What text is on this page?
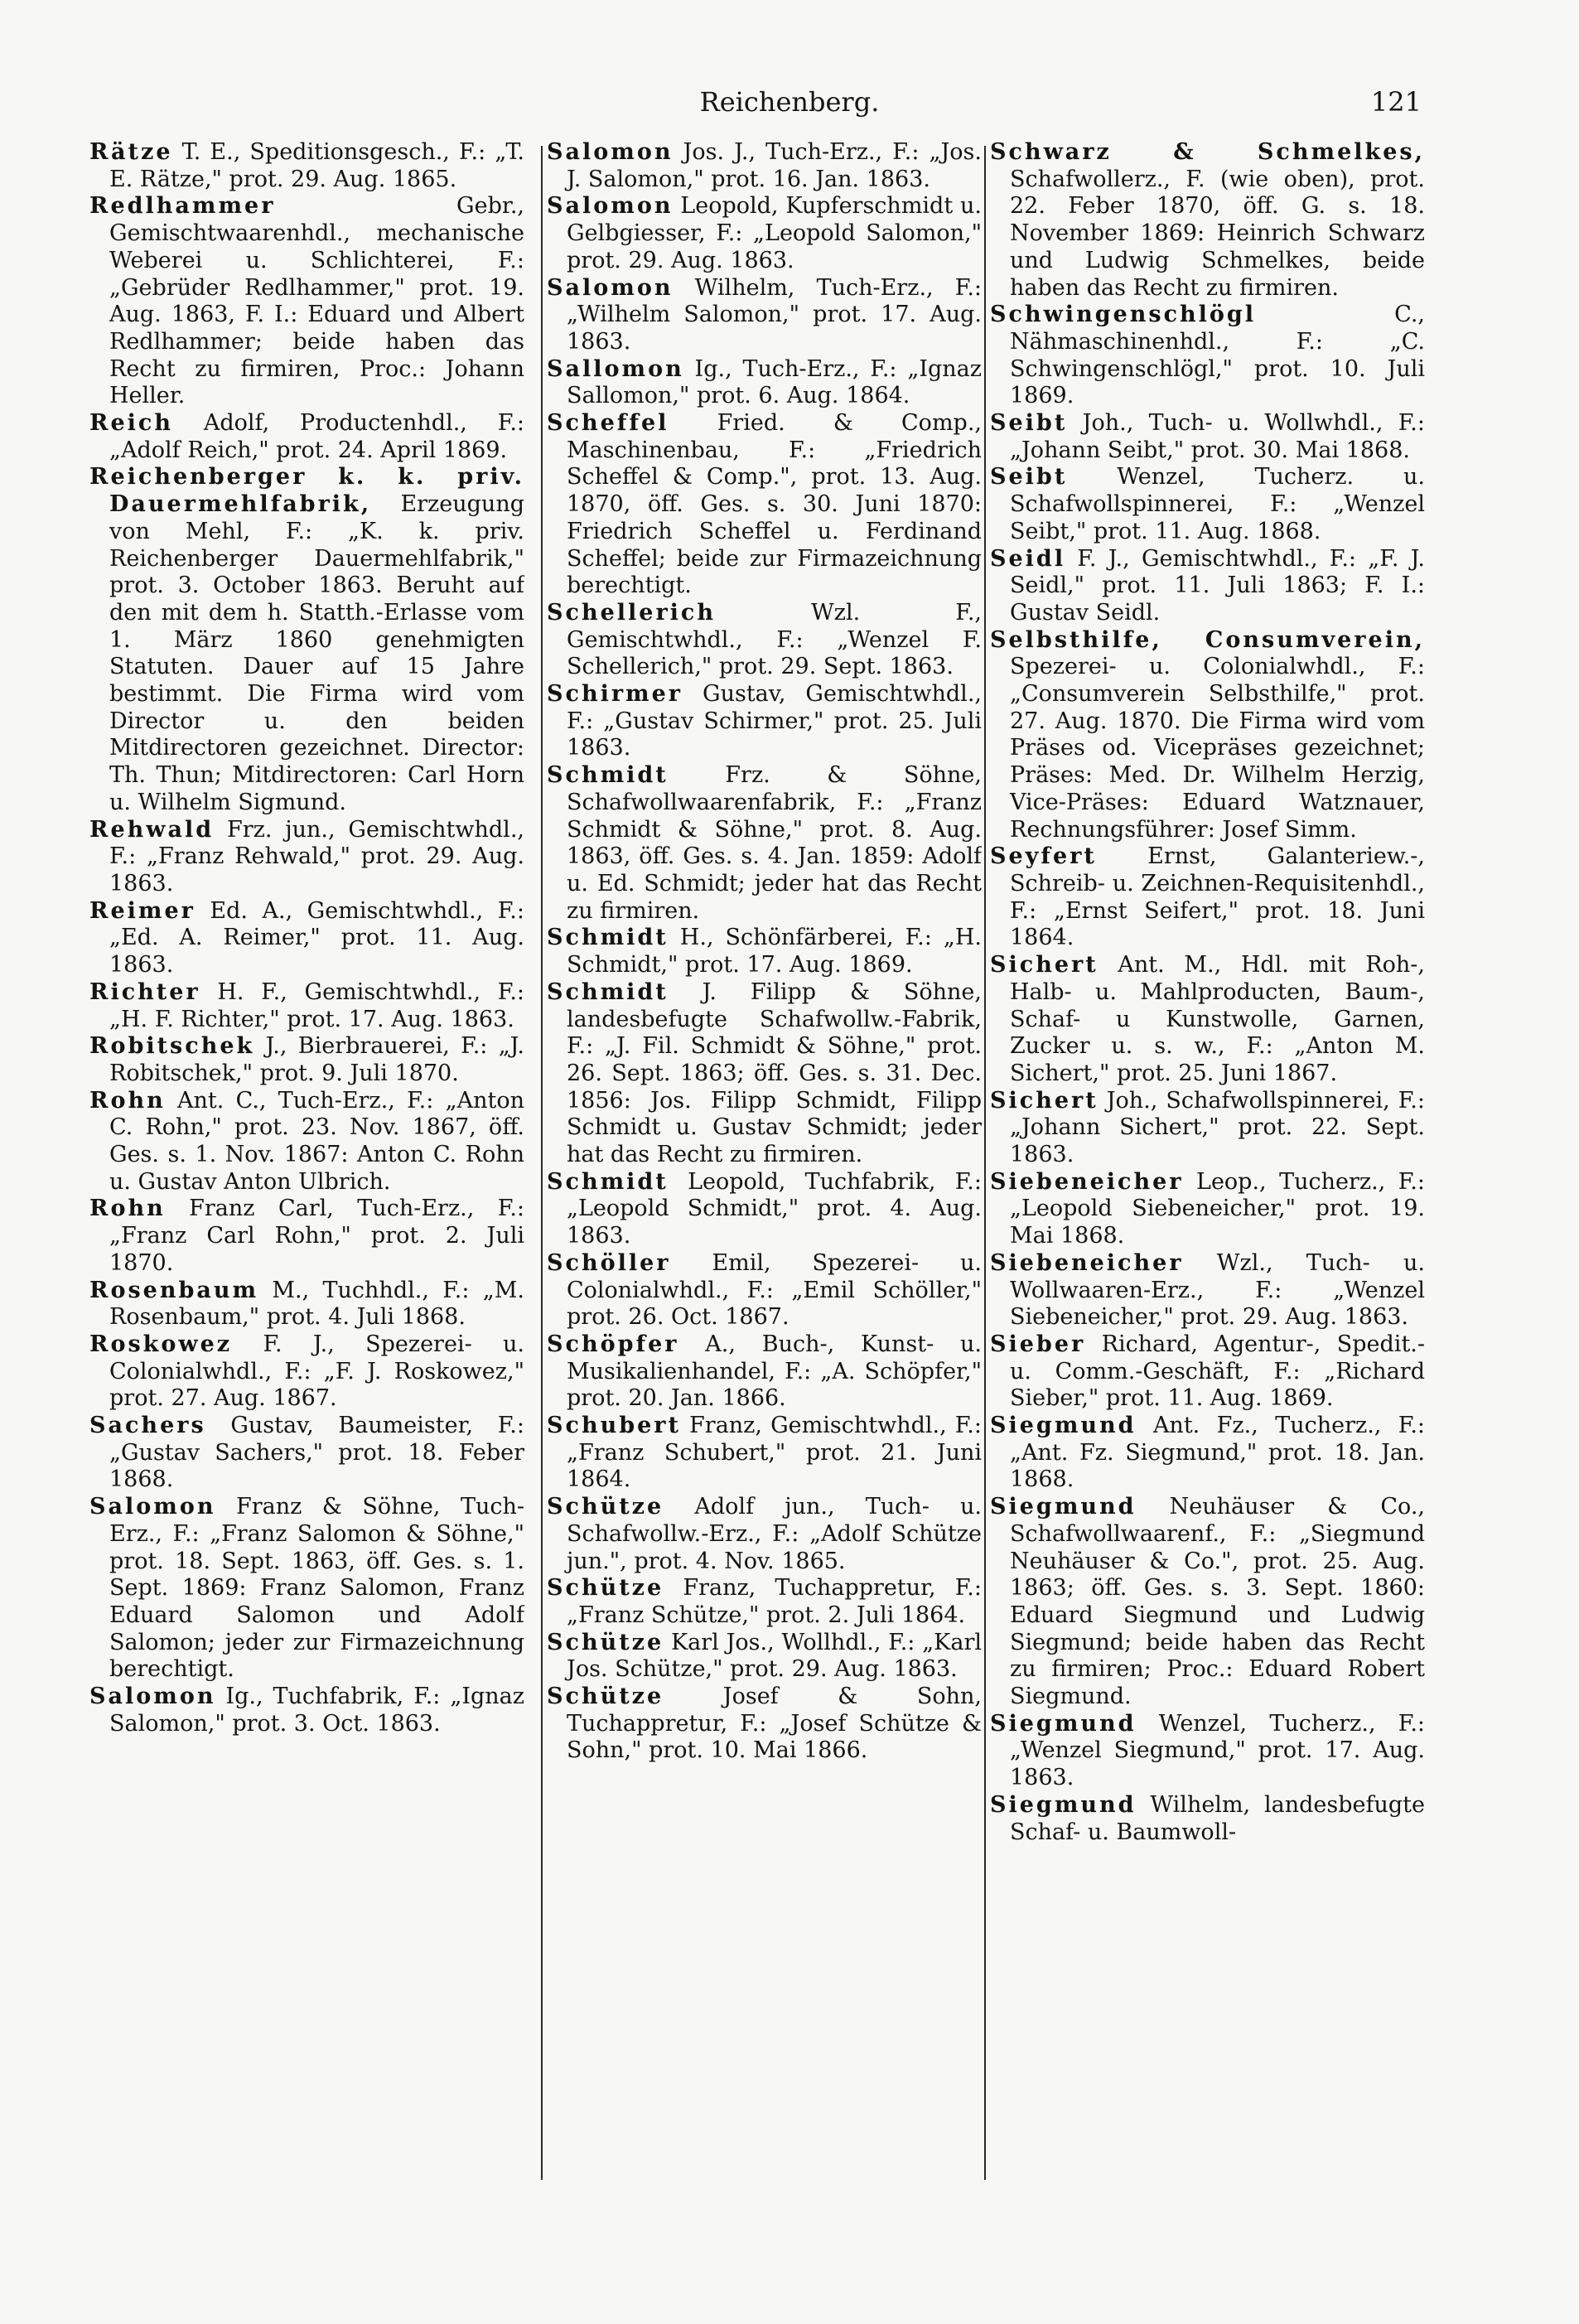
Reichenberg.	121
Rätze T. E., Speditionsgesch., F.: „T. E. Rätze," prot. 29. Aug. 1865.
Redlhammer Gebr., Gemischtwaarenhdl., mechanische Weberei u. Schlichterei, F.: „Gebrüder Redlhammer," prot. 19. Aug. 1863, F. I.: Eduard und Albert Redlhammer; beide haben das Recht zu firmiren, Proc.: Johann Heller.
Reich Adolf, Productenhdl., F.: „Adolf Reich," prot. 24. April 1869.
Reichenberger k. k. priv. Dauermehlfabrik, Erzeugung von Mehl, F.: „K. k. priv. Reichenberger Dauermehlfabrik," prot. 3. October 1863. Beruht auf den mit dem h. Statth.-Erlasse vom 1. März 1860 genehmigten Statuten. Dauer auf 15 Jahre bestimmt. Die Firma wird vom Director u. den beiden Mitdirectoren gezeichnet. Director: Th. Thun; Mitdirectoren: Carl Horn u. Wilhelm Sigmund.
Rehwald Frz. jun., Gemischtwhdl., F.: „Franz Rehwald," prot. 29. Aug. 1863.
Reimer Ed. A., Gemischtwhdl., F.: „Ed. A. Reimer," prot. 11. Aug. 1863.
Richter H. F., Gemischtwhdl., F.: „H. F. Richter," prot. 17. Aug. 1863.
Robitschek J., Bierbrauerei, F.: „J. Robitschek," prot. 9. Juli 1870.
Rohn Ant. C., Tuch-Erz., F.: „Anton C. Rohn," prot. 23. Nov. 1867, öff. Ges. s. 1. Nov. 1867: Anton C. Rohn u. Gustav Anton Ulbrich.
Rohn Franz Carl, Tuch-Erz., F.: „Franz Carl Rohn," prot. 2. Juli 1870.
Rosenbaum M., Tuchhdl., F.: „M. Rosenbaum," prot. 4. Juli 1868.
Roskowez F. J., Spezerei- u. Colonialwhdl., F.: „F. J. Roskowez," prot. 27. Aug. 1867.
Sachers Gustav, Baumeister, F.: „Gustav Sachers," prot. 18. Feber 1868.
Salomon Franz & Söhne, Tuch-Erz., F.: „Franz Salomon & Söhne," prot. 18. Sept. 1863, öff. Ges. s. 1. Sept. 1869: Franz Salomon, Franz Eduard Salomon und Adolf Salomon; jeder zur Firmazeichnung berechtigt.
Salomon Ig., Tuchfabrik, F.: „Ignaz Salomon," prot. 3. Oct. 1863.
Salomon Jos. J., Tuch-Erz., F.: „Jos. J. Salomon," prot. 16. Jan. 1863.
Salomon Leopold, Kupferschmidt u. Gelbgiesser, F.: „Leopold Salomon," prot. 29. Aug. 1863.
Salomon Wilhelm, Tuch-Erz., F.: „Wilhelm Salomon," prot. 17. Aug. 1863.
Sallomon Ig., Tuch-Erz., F.: „Ignaz Sallomon," prot. 6. Aug. 1864.
Scheffel Fried. & Comp., Maschinenbau, F.: „Friedrich Scheffel & Comp.", prot. 13. Aug. 1870, öff. Ges. s. 30. Juni 1870: Friedrich Scheffel u. Ferdinand Scheffel; beide zur Firmazeichnung berechtigt.
Schellerich Wzl. F., Gemischtwhdl., F.: „Wenzel F. Schellerich," prot. 29. Sept. 1863.
Schirmer Gustav, Gemischtwhdl., F.: „Gustav Schirmer," prot. 25. Juli 1863.
Schmidt Frz. & Söhne, Schafwollwaarenfabrik, F.: „Franz Schmidt & Söhne," prot. 8. Aug. 1863, öff. Ges. s. 4. Jan. 1859: Adolf u. Ed. Schmidt; jeder hat das Recht zu firmiren.
Schmidt H., Schönfärberei, F.: „H. Schmidt," prot. 17. Aug. 1869.
Schmidt J. Filipp & Söhne, landesbefugte Schafwollw.-Fabrik, F.: „J. Fil. Schmidt & Söhne," prot. 26. Sept. 1863; öff. Ges. s. 31. Dec. 1856: Jos. Filipp Schmidt, Filipp Schmidt u. Gustav Schmidt; jeder hat das Recht zu firmiren.
Schmidt Leopold, Tuchfabrik, F.: „Leopold Schmidt," prot. 4. Aug. 1863.
Schöller Emil, Spezerei- u. Colonialwhdl., F.: „Emil Schöller," prot. 26. Oct. 1867.
Schöpfer A., Buch-, Kunst- u. Musikalienhandel, F.: „A. Schöpfer," prot. 20. Jan. 1866.
Schubert Franz, Gemischtwhdl., F.: „Franz Schubert," prot. 21. Juni 1864.
Schütze Adolf jun., Tuch- u. Schafwollw.-Erz., F.: „Adolf Schütze jun.", prot. 4. Nov. 1865.
Schütze Franz, Tuchappretur, F.: „Franz Schütze," prot. 2. Juli 1864.
Schütze Karl Jos., Wollhdl., F.: „Karl Jos. Schütze," prot. 29. Aug. 1863.
Schütze Josef & Sohn, Tuchappretur, F.: „Josef Schütze & Sohn," prot. 10. Mai 1866.
Schwarz & Schmelkes, Schafwollerz., F. (wie oben), prot. 22. Feber 1870, öff. G. s. 18. November 1869: Heinrich Schwarz und Ludwig Schmelkes, beide haben das Recht zu firmiren.
Schwingenschlögl C., Nähmaschinenhdl., F.: „C. Schwingenschlögl," prot. 10. Juli 1869.
Seibt Joh., Tuch- u. Wollwhdl., F.: „Johann Seibt," prot. 30. Mai 1868.
Seibt Wenzel, Tucherz. u. Schafwollspinnerei, F.: „Wenzel Seibt," prot. 11. Aug. 1868.
Seidl F. J., Gemischtwhdl., F.: „F. J. Seidl," prot. 11. Juli 1863; F. I.: Gustav Seidl.
Selbsthilfe, Consumverein, Spezerei- u. Colonialwhdl., F.: „Consumverein Selbsthilfe," prot. 27. Aug. 1870. Die Firma wird vom Präses od. Vicepräses gezeichnet; Präses: Med. Dr. Wilhelm Herzig, Vice-Präses: Eduard Watznauer, Rechnungsführer: Josef Simm.
Seyfert Ernst, Galanteriew.-, Schreib- u. Zeichnen-Requisitenhdl., F.: „Ernst Seifert," prot. 18. Juni 1864.
Sichert Ant. M., Hdl. mit Roh-, Halb- u. Mahlproducten, Baum-, Schaf- u Kunstwolle, Garnen, Zucker u. s. w., F.: „Anton M. Sichert," prot. 25. Juni 1867.
Sichert Joh., Schafwollspinnerei, F.: „Johann Sichert," prot. 22. Sept. 1863.
Siebeneicher Leop., Tucherz., F.: „Leopold Siebeneicher," prot. 19. Mai 1868.
Siebeneicher Wzl., Tuch- u. Wollwaaren-Erz., F.: „Wenzel Siebeneicher," prot. 29. Aug. 1863.
Sieber Richard, Agentur-, Spedit.- u. Comm.-Geschäft, F.: „Richard Sieber," prot. 11. Aug. 1869.
Siegmund Ant. Fz., Tucherz., F.: „Ant. Fz. Siegmund," prot. 18. Jan. 1868.
Siegmund Neuhäuser & Co., Schafwollwaarenf., F.: „Siegmund Neuhäuser & Co.", prot. 25. Aug. 1863; öff. Ges. s. 3. Sept. 1860: Eduard Siegmund und Ludwig Siegmund; beide haben das Recht zu firmiren; Proc.: Eduard Robert Siegmund.
Siegmund Wenzel, Tucherz., F.: „Wenzel Siegmund," prot. 17. Aug. 1863.
Siegmund Wilhelm, landesbefugte Schaf- u. Baumwoll-
